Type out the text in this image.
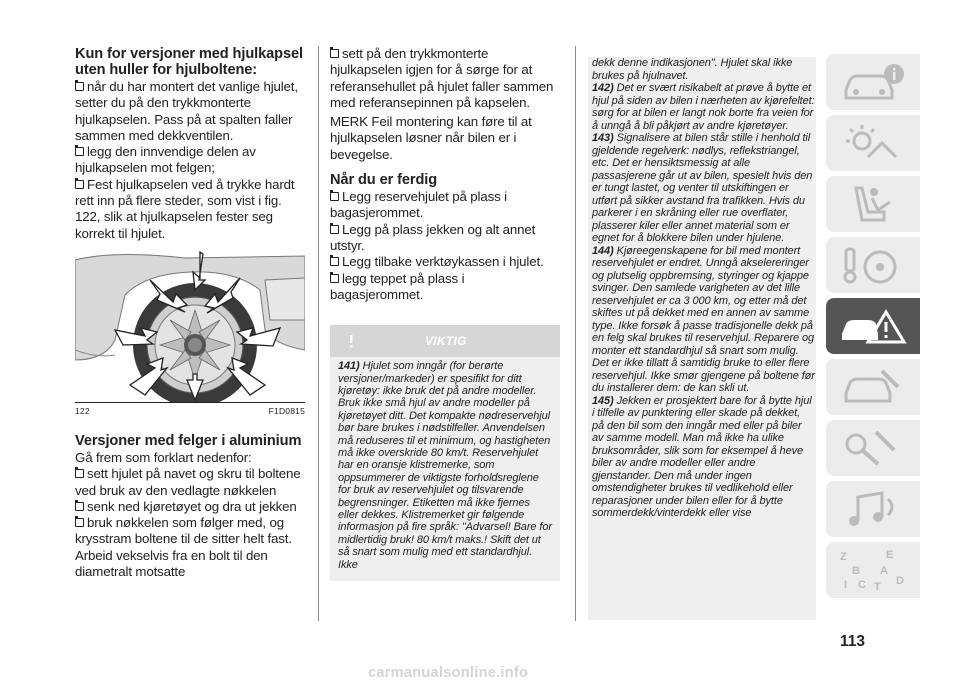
Kun for versjoner med hjulkapsel uten huller for hjulboltene:

når du har montert det vanlige hjulet, setter du på den trykkmonterte hjulkapselen. Pass på at spalten faller sammen med dekkventilen.

legg den innvendige delen av hjulkapselen mot felgen;

Fest hjulkapselen ved å trykke hardt rett inn på flere steder, som vist i fig. 122, slik at hjulkapselen fester seg korrekt til hjulet.

122	F1D0815
Versjoner med felger i aluminium

Gå frem som forklart nedenfor:

sett hjulet på navet og skru til boltene ved bruk av den vedlagte nøkkelen

senk ned kjøretøyet og dra ut jekken

bruk nøkkelen som følger med, og krysstram boltene til de sitter helt fast.

Arbeid vekselvis fra en bolt til den diametralt motsatte

sett på den trykkmonterte hjulkapselen igjen for å sørge for at referansehullet på hjulet faller sammen med referansepinnen på kapselen.

MERK Feil montering kan føre til at hjulkapselen løsner når bilen er i bevegelse.

Når du er ferdig

Legg reservehjulet på plass i bagasjerommet.

Legg på plass jekken og alt annet utstyr.

Legg tilbake verktøykassen i hjulet.

legg teppet på plass i bagasjerommet.

VIKTIG

141) Hjulet som inngår (for berørte versjoner/markeder) er spesifikt for ditt kjøretøy: ikke bruk det på andre modeller. Bruk ikke små hjul av andre modeller på kjøretøyet ditt. Det kompakte nødreservehjul bør bare brukes i nødstilfeller. Anvendelsen må reduseres til et minimum, og hastigheten må ikke overskride 80 km/t. Reservehjulet har en oransje klistremerke, som oppsummerer de viktigste forholdsreglene for bruk av reservehjulet og tilsvarende begrensninger. Etiketten må ikke fjernes eller dekkes. Klistremerket gir følgende informasjon på fire språk: "Advarsel! Bare for midlertidig bruk! 80 km/t maks.! Skift det ut så snart som mulig med ett standardhjul. Ikke

dekk denne indikasjonen". Hjulet skal ikke brukes på hjulnavet.

142) Det er svært risikabelt at prøve å bytte et hjul på siden av bilen i nærheten av kjørefeltet: sørg for at bilen er langt nok borte fra veien for å unngå å bli påkjørt av andre kjøretøyer.

143) Signalisere at bilen står stille i henhold til gjeldende regelverk: nødlys, reflekstriangel, etc. Det er hensiktsmessig at alle passasjerene går ut av bilen, spesielt hvis den er tungt lastet, og venter til utskiftingen er utført på sikker avstand fra trafikken. Hvis du parkerer i en skråning eller rue overflater, plasserer kiler eller annet material som er egnet for å blokkere bilen under hjulene.

144) Kjøreegenskapene for bil med montert reservehjulet er endret. Unngå akselereringer og plutselig oppbremsing, styringer og kjappe svinger. Den samlede varigheten av det lille reservehjulet er ca 3 000 km, og etter må det skiftes ut på dekket med en annen av samme type. Ikke forsøk å passe tradisjonelle dekk på en felg skal brukes til reservehjul. Reparere og monter ett standardhjul så snart som mulig. Det er ikke tillatt å samtidig bruke to eller flere reservehjul. Ikke smør gjengene på boltene før du installerer dem: de kan skli ut.

145) Jekken er prosjektert bare for å bytte hjul i tilfelle av punktering eller skade på dekket, på den bil som den inngår med eller på biler av samme modell. Man må ikke ha ulike bruksområder, slik som for eksempel å heve biler av andre modeller eller andre gjenstander. Den må under ingen omstendigheter brukes til vedlikehold eller reparasjoner under bilen eller for å bytte sommerdekk/vinterdekk eller vise

Z	E
A
B
D
I C T
113
carmanualsonline.info
